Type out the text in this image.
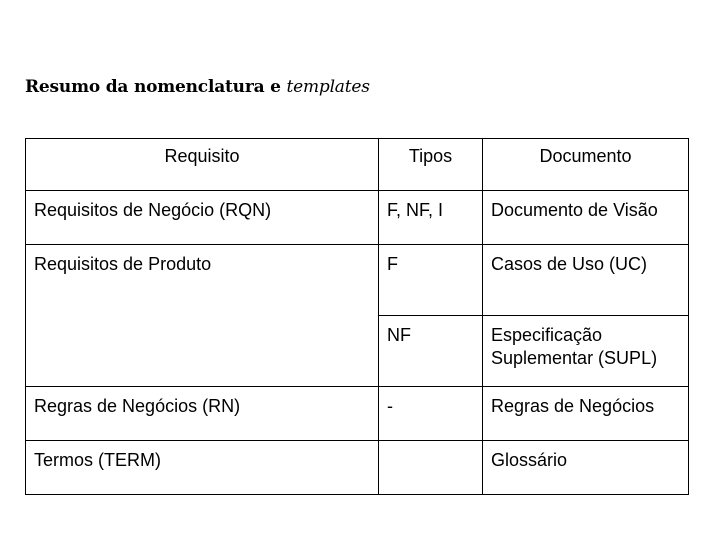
Resumo da nomenclatura e templates
Requisito	Tipos	Documento
Requisitos de Negócio (RQN)	F, NF, I	Documento de Visão
Requisitos de Produto	F	Casos de Uso (UC)
	NF	Especificação Suplementar (SUPL)
Regras de Negócios (RN)	-	Regras de Negócios
Termos (TERM)		Glossário
